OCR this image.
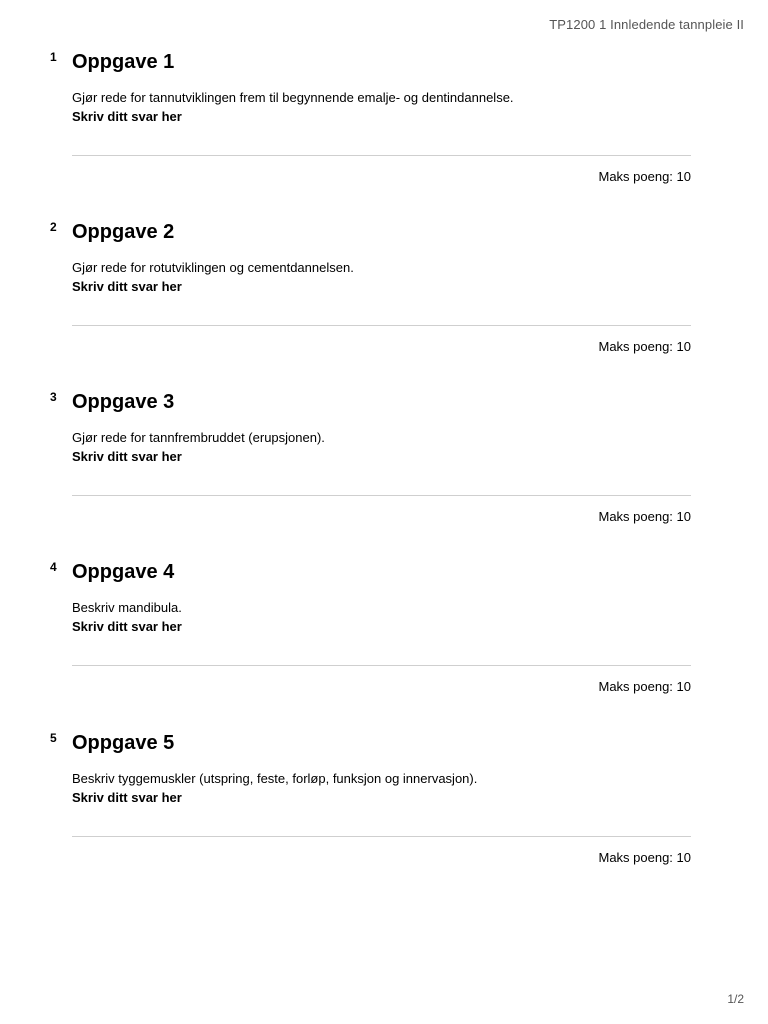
TP1200 1 Innledende tannpleie II
1 Oppgave 1
Gjør rede for tannutviklingen frem til begynnende emalje- og dentindannelse.
Skriv ditt svar her
Maks poeng: 10
2 Oppgave 2
Gjør rede for rotutviklingen og cementdannelsen.
Skriv ditt svar her
Maks poeng: 10
3 Oppgave 3
Gjør rede for tannfrembruddet (erupsjonen).
Skriv ditt svar her
Maks poeng: 10
4 Oppgave 4
Beskriv mandibula.
Skriv ditt svar her
Maks poeng: 10
5 Oppgave 5
Beskriv tyggemuskler (utspring, feste, forløp, funksjon og innervasjon).
Skriv ditt svar her
Maks poeng: 10
1/2
